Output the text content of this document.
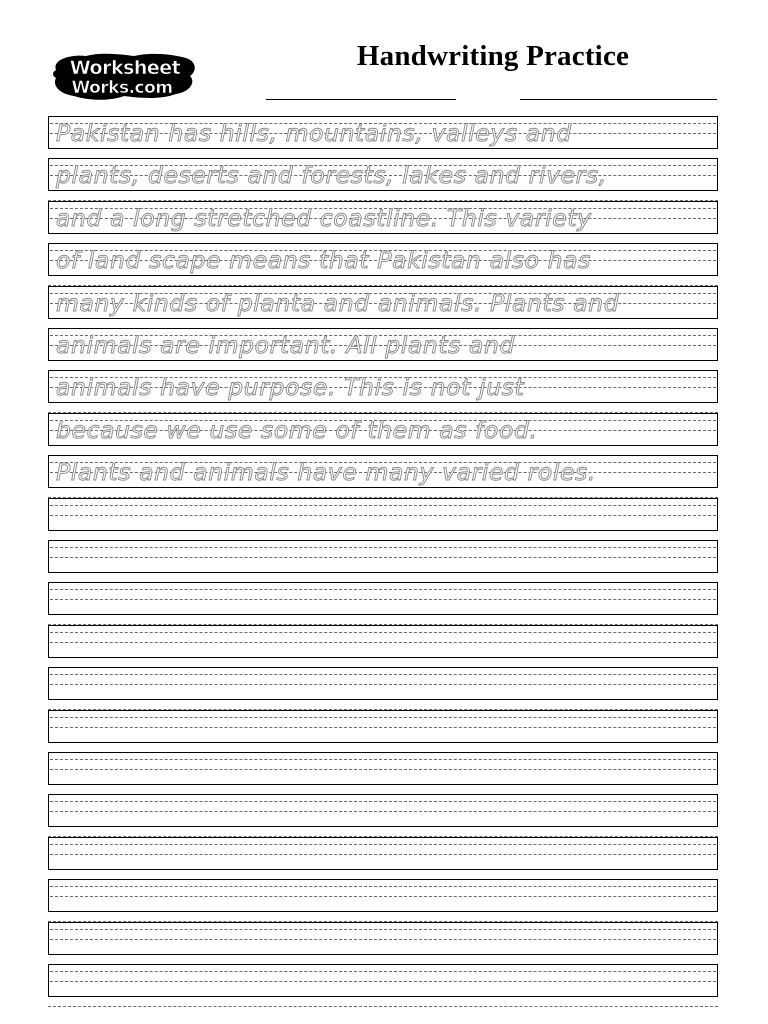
Worksheet
Works.com
Handwriting Practice
Pakistan has hills, mountains, valleys and
plants, deserts and forests, lakes and rivers,
and a long stretched coastline. This variety
of land scape means that Pakistan also has
many kinds of planta and animals. Plants and
animals are important. All plants and
animals have purpose. This is not just
because we use some of them as food.
Plants and animals have many varied roles.
